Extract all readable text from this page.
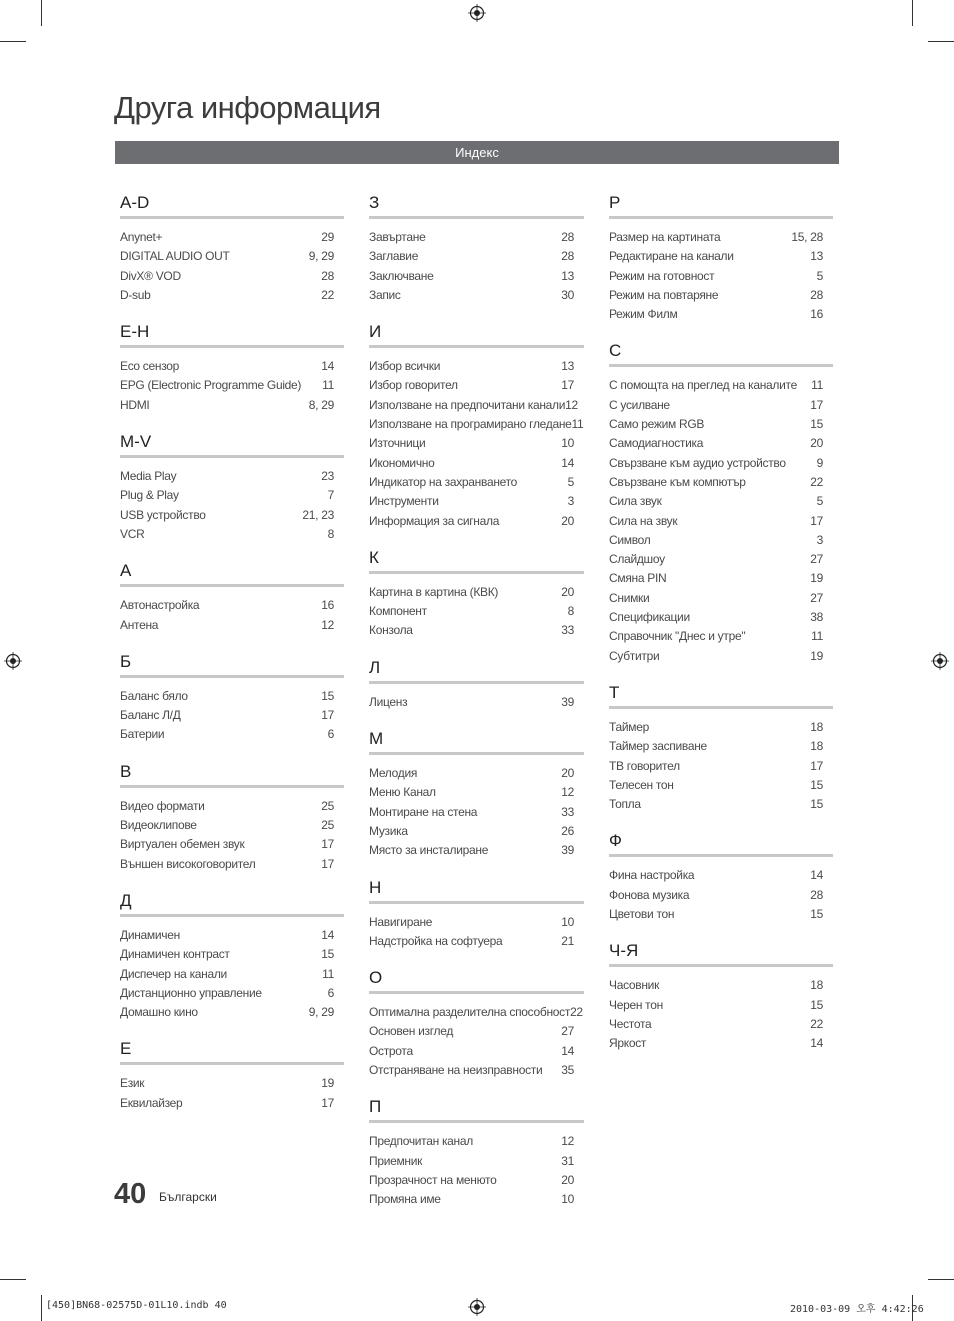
Друга информация
Индекс
A-D
Anynet+	29
DIGITAL AUDIO OUT	9, 29
DivX® VOD	28
D-sub	22
E-H
Eco сензор	14
EPG (Electronic Programme Guide) 11
HDMI	8, 29
M-V
Media Play	23
Plug & Play	7
USB устройство	21, 23
VCR	8
А
Автонастройка	16
Антена	12
Б
Баланс бяло	15
Баланс Л/Д	17
Батерии	6
В
Видео формати	25
Видеоклипове	25
Виртуален обемен звук	17
Външен високоговорител	17
Д
Динамичен	14
Динамичен контраст	15
Диспечер на канали	11
Дистанционно управление	6
Домашно кино	9, 29
Е
Език	19
Еквилайзер	17
З
Завъртане	28
Заглавие	28
Заключване	13
Запис	30
И
Избор всички	13
Избор говорител	17
Използване на предпочитани канали 12
Използване на програмирано гледане 11
Източници	10
Икономично	14
Индикатор на захранването	5
Инструменти	3
Информация за сигнала	20
К
Картина в картина (КВК)	20
Компонент	8
Конзола	33
Л
Лиценз	39
М
Мелодия	20
Меню Канал	12
Монтиране на стена	33
Музика	26
Място за инсталиране	39
Н
Навигиране	10
Надстройка на софтуера	21
О
Оптимална разделителна способност 22
Основен изглед	27
Острота	14
Отстраняване на неизправности 35
П
Предпочитан канал	12
Приемник	31
Прозрачност на менюто	20
Промяна име	10
Р
Размер на картината	15, 28
Редактиране на канали	13
Режим на готовност	5
Режим на повтаряне	28
Режим Филм	16
С
С помощта на преглед на каналите 11
С усилване	17
Само режим RGB	15
Самодиагностика	20
Свързване към аудио устройство	9
Свързване към компютър	22
Сила звук	5
Сила на звук	17
Символ	3
Слайдшоу	27
Смяна PIN	19
Снимки	27
Спецификации	38
Справочник "Днес и утре"	11
Субтитри	19
Т
Таймер	18
Таймер заспиване	18
ТВ говорител	17
Телесен тон	15
Топла	15
Ф
Фина настройка	14
Фонова музика	28
Цветови тон	15
Ч-Я
Часовник	18
Черен тон	15
Честота	22
Яркост	14
40 Български
[450]BN68-02575D-01L10.indb 40	2010-03-09 오후 4:42:26
